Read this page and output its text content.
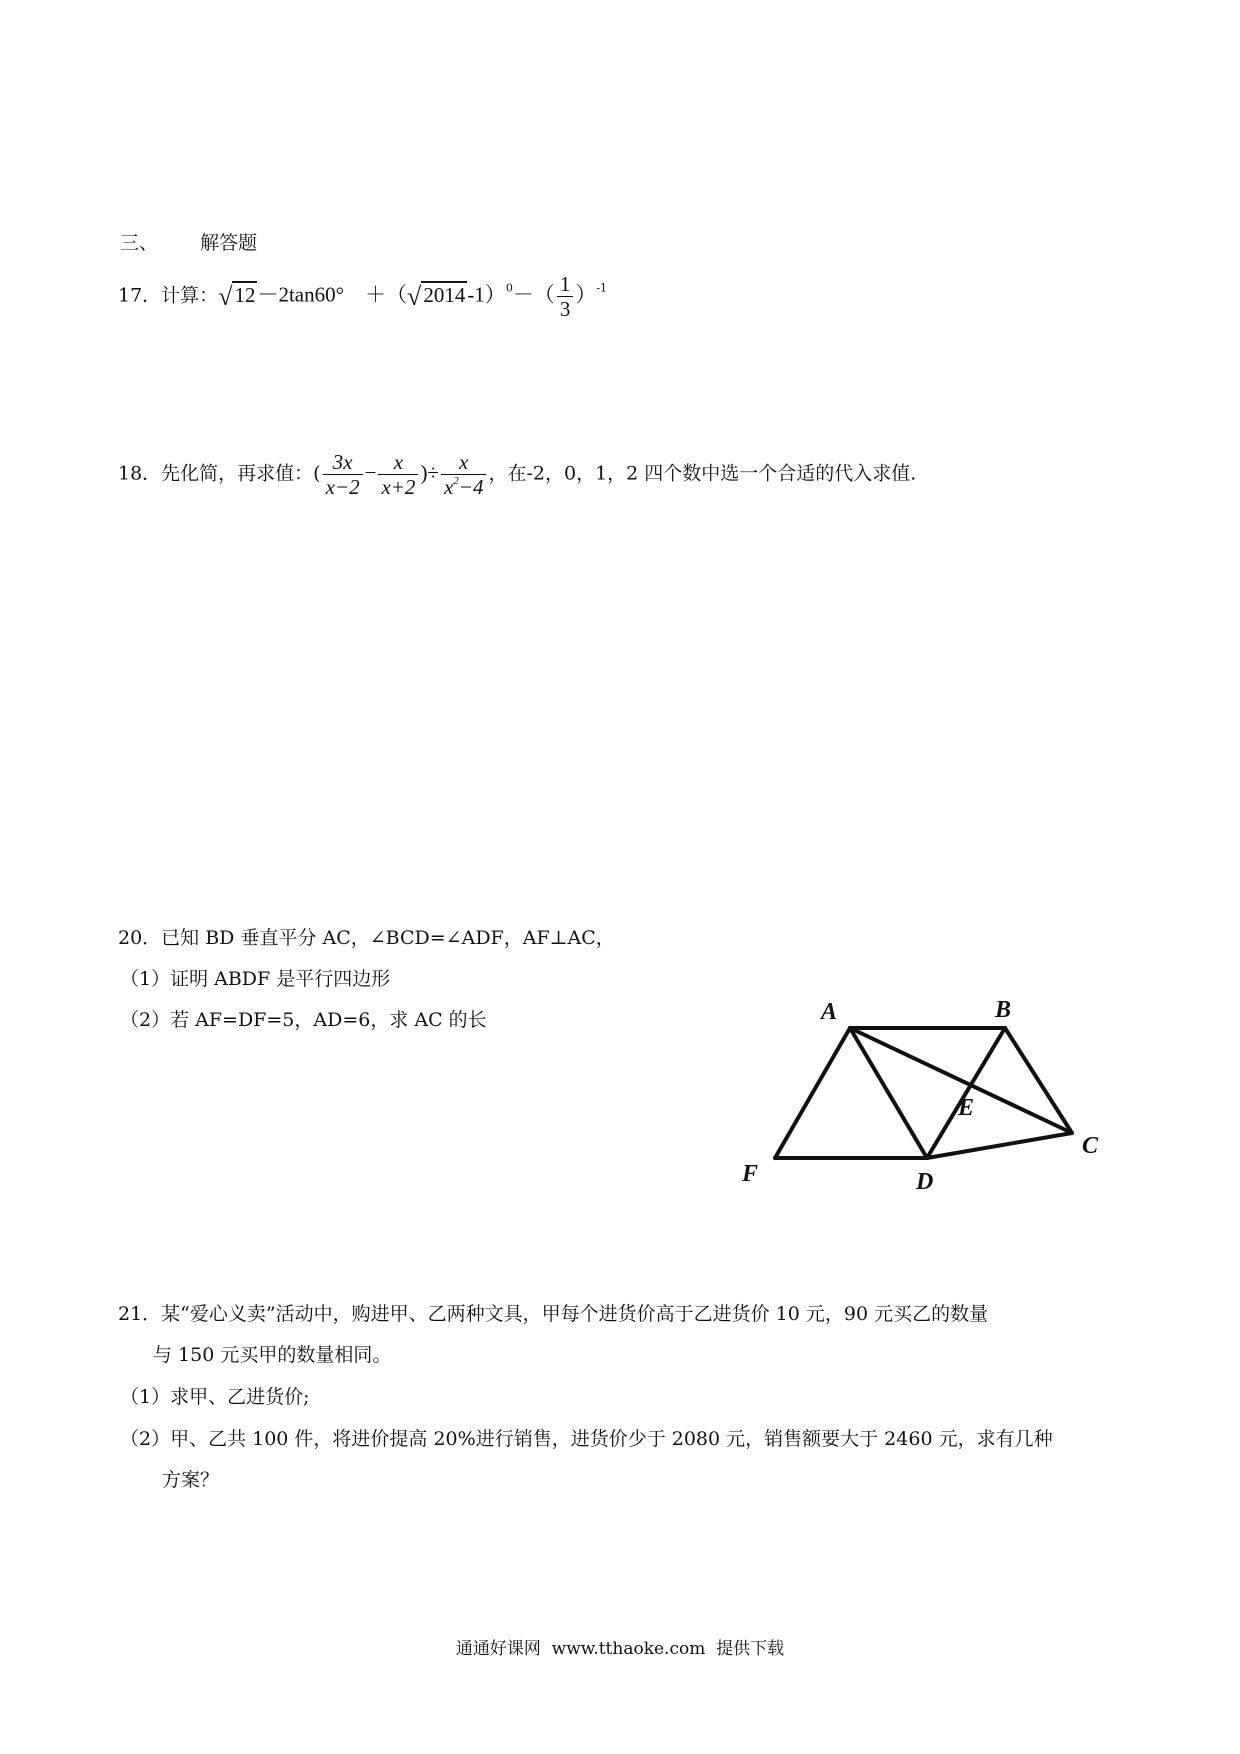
三、 解答题
17．计算：√12－2tan60°　$+(√2014-1)^0-( \frac{1}{3} )^{-1}$
18．先化简，再求值：( $\frac{3x}{x-2} - \frac{x}{x+2}$ )÷ $\frac{x}{x^2-4}$ ，在-2，0，1，2 四个数中选一个合适的代入求值.
20．已知 BD 垂直平分 AC，∠BCD=∠ADF，AF⊥AC，
（1）证明 ABDF 是平行四边形
（2）若 AF=DF=5，AD=6，求 AC 的长	A	B
C
D
E
F
21．某“爱心义卖”活动中，购进甲、乙两种文具，甲每个进货价高于乙进货价 10 元，90 元买乙的数量
与 150 元买甲的数量相同。
（1）求甲、乙进货价;
（2）甲、乙共 100 件，将进价提高 20%进行销售，进货价少于 2080 元，销售额要大于 2460 元，求有几种
方案？
通通好课网  www.tthaoke.com  提供下载
